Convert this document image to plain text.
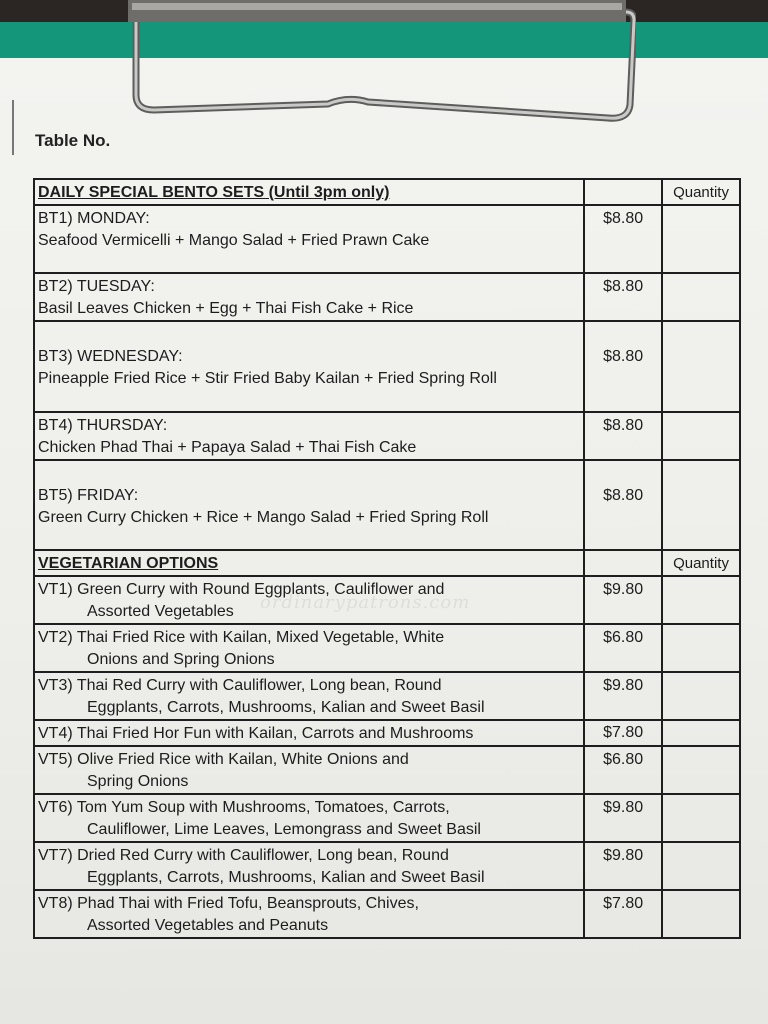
Table No.
ordinarypatrons.com
DAILY SPECIAL BENTO SETS (Until 3pm only)		Quantity

BT1) MONDAY:
Seafood Vermicelli + Mango Salad + Fried Prawn Cake	$8.80	

BT2) TUESDAY:
Basil Leaves Chicken + Egg + Thai Fish Cake + Rice	$8.80	

BT3) WEDNESDAY:
Pineapple Fried Rice + Stir Fried Baby Kailan + Fried Spring Roll	$8.80	

BT4) THURSDAY:
Chicken Phad Thai + Papaya Salad + Thai Fish Cake	$8.80	

BT5) FRIDAY:
Green Curry Chicken + Rice + Mango Salad + Fried Spring Roll	$8.80	
VEGETARIAN OPTIONS		Quantity

VT1) Green Curry with Round Eggplants, Cauliflower and
Assorted Vegetables	$9.80	

VT2) Thai Fried Rice with Kailan, Mixed Vegetable, White
Onions and Spring Onions	$6.80	

VT3) Thai Red Curry with Cauliflower, Long bean, Round
Eggplants, Carrots, Mushrooms, Kalian and Sweet Basil	$9.80	

VT4) Thai Fried Hor Fun with Kailan, Carrots and Mushrooms	$7.80	

VT5) Olive Fried Rice with Kailan, White Onions and
Spring Onions	$6.80	

VT6) Tom Yum Soup with Mushrooms, Tomatoes, Carrots,
Cauliflower, Lime Leaves, Lemongrass and Sweet Basil	$9.80	

VT7) Dried Red Curry with Cauliflower, Long bean, Round
Eggplants, Carrots, Mushrooms, Kalian and Sweet Basil	$9.80	

VT8) Phad Thai with Fried Tofu, Beansprouts, Chives,
Assorted Vegetables and Peanuts	$7.80	
